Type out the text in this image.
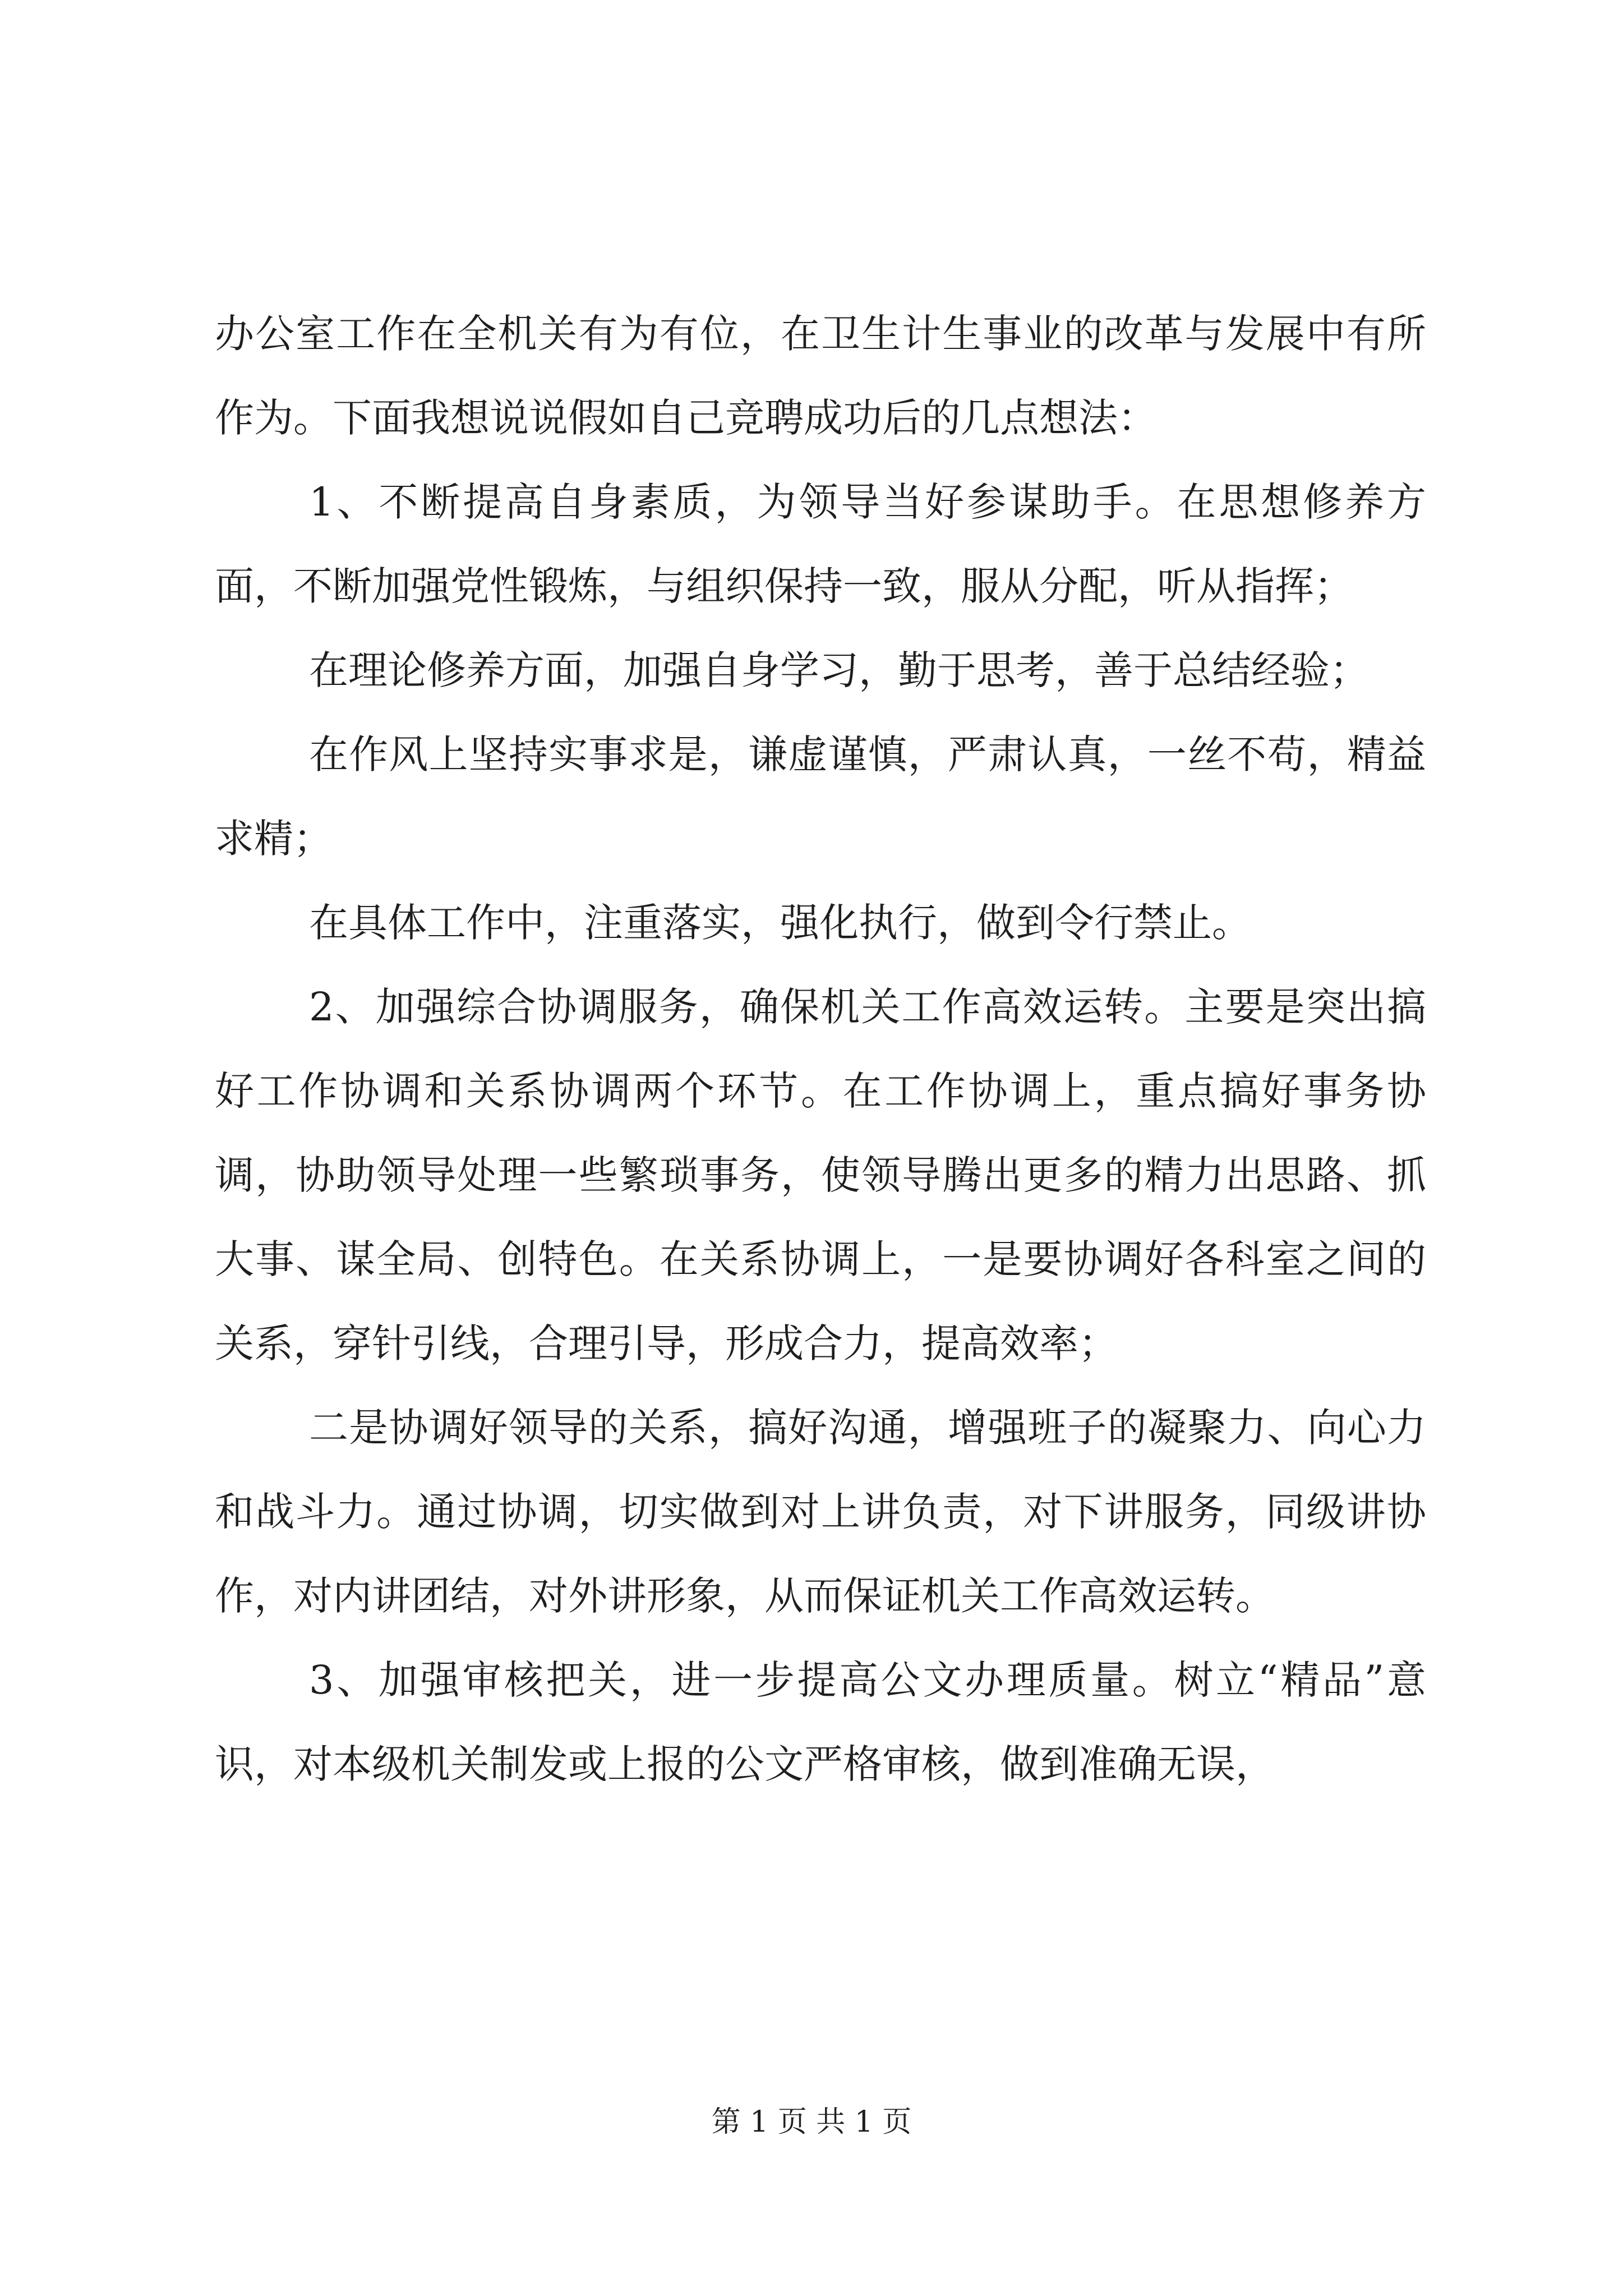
办公室工作在全机关有为有位，在卫生计生事业的改革与发展中有所作为。下面我想说说假如自己竞聘成功后的几点想法：

1、不断提高自身素质，为领导当好参谋助手。在思想修养方面，不断加强党性锻炼，与组织保持一致，服从分配，听从指挥；

在理论修养方面，加强自身学习，勤于思考，善于总结经验；

在作风上坚持实事求是，谦虚谨慎，严肃认真，一丝不苟，精益求精；

在具体工作中，注重落实，强化执行，做到令行禁止。

2、加强综合协调服务，确保机关工作高效运转。主要是突出搞好工作协调和关系协调两个环节。在工作协调上，重点搞好事务协调，协助领导处理一些繁琐事务，使领导腾出更多的精力出思路、抓大事、谋全局、创特色。在关系协调上，一是要协调好各科室之间的关系，穿针引线，合理引导，形成合力，提高效率；

二是协调好领导的关系，搞好沟通，增强班子的凝聚力、向心力和战斗力。通过协调，切实做到对上讲负责，对下讲服务，同级讲协作，对内讲团结，对外讲形象，从而保证机关工作高效运转。

3、加强审核把关，进一步提高公文办理质量。树立“精品”意识，对本级机关制发或上报的公文严格审核，做到准确无误，

第 1 页 共 1 页
